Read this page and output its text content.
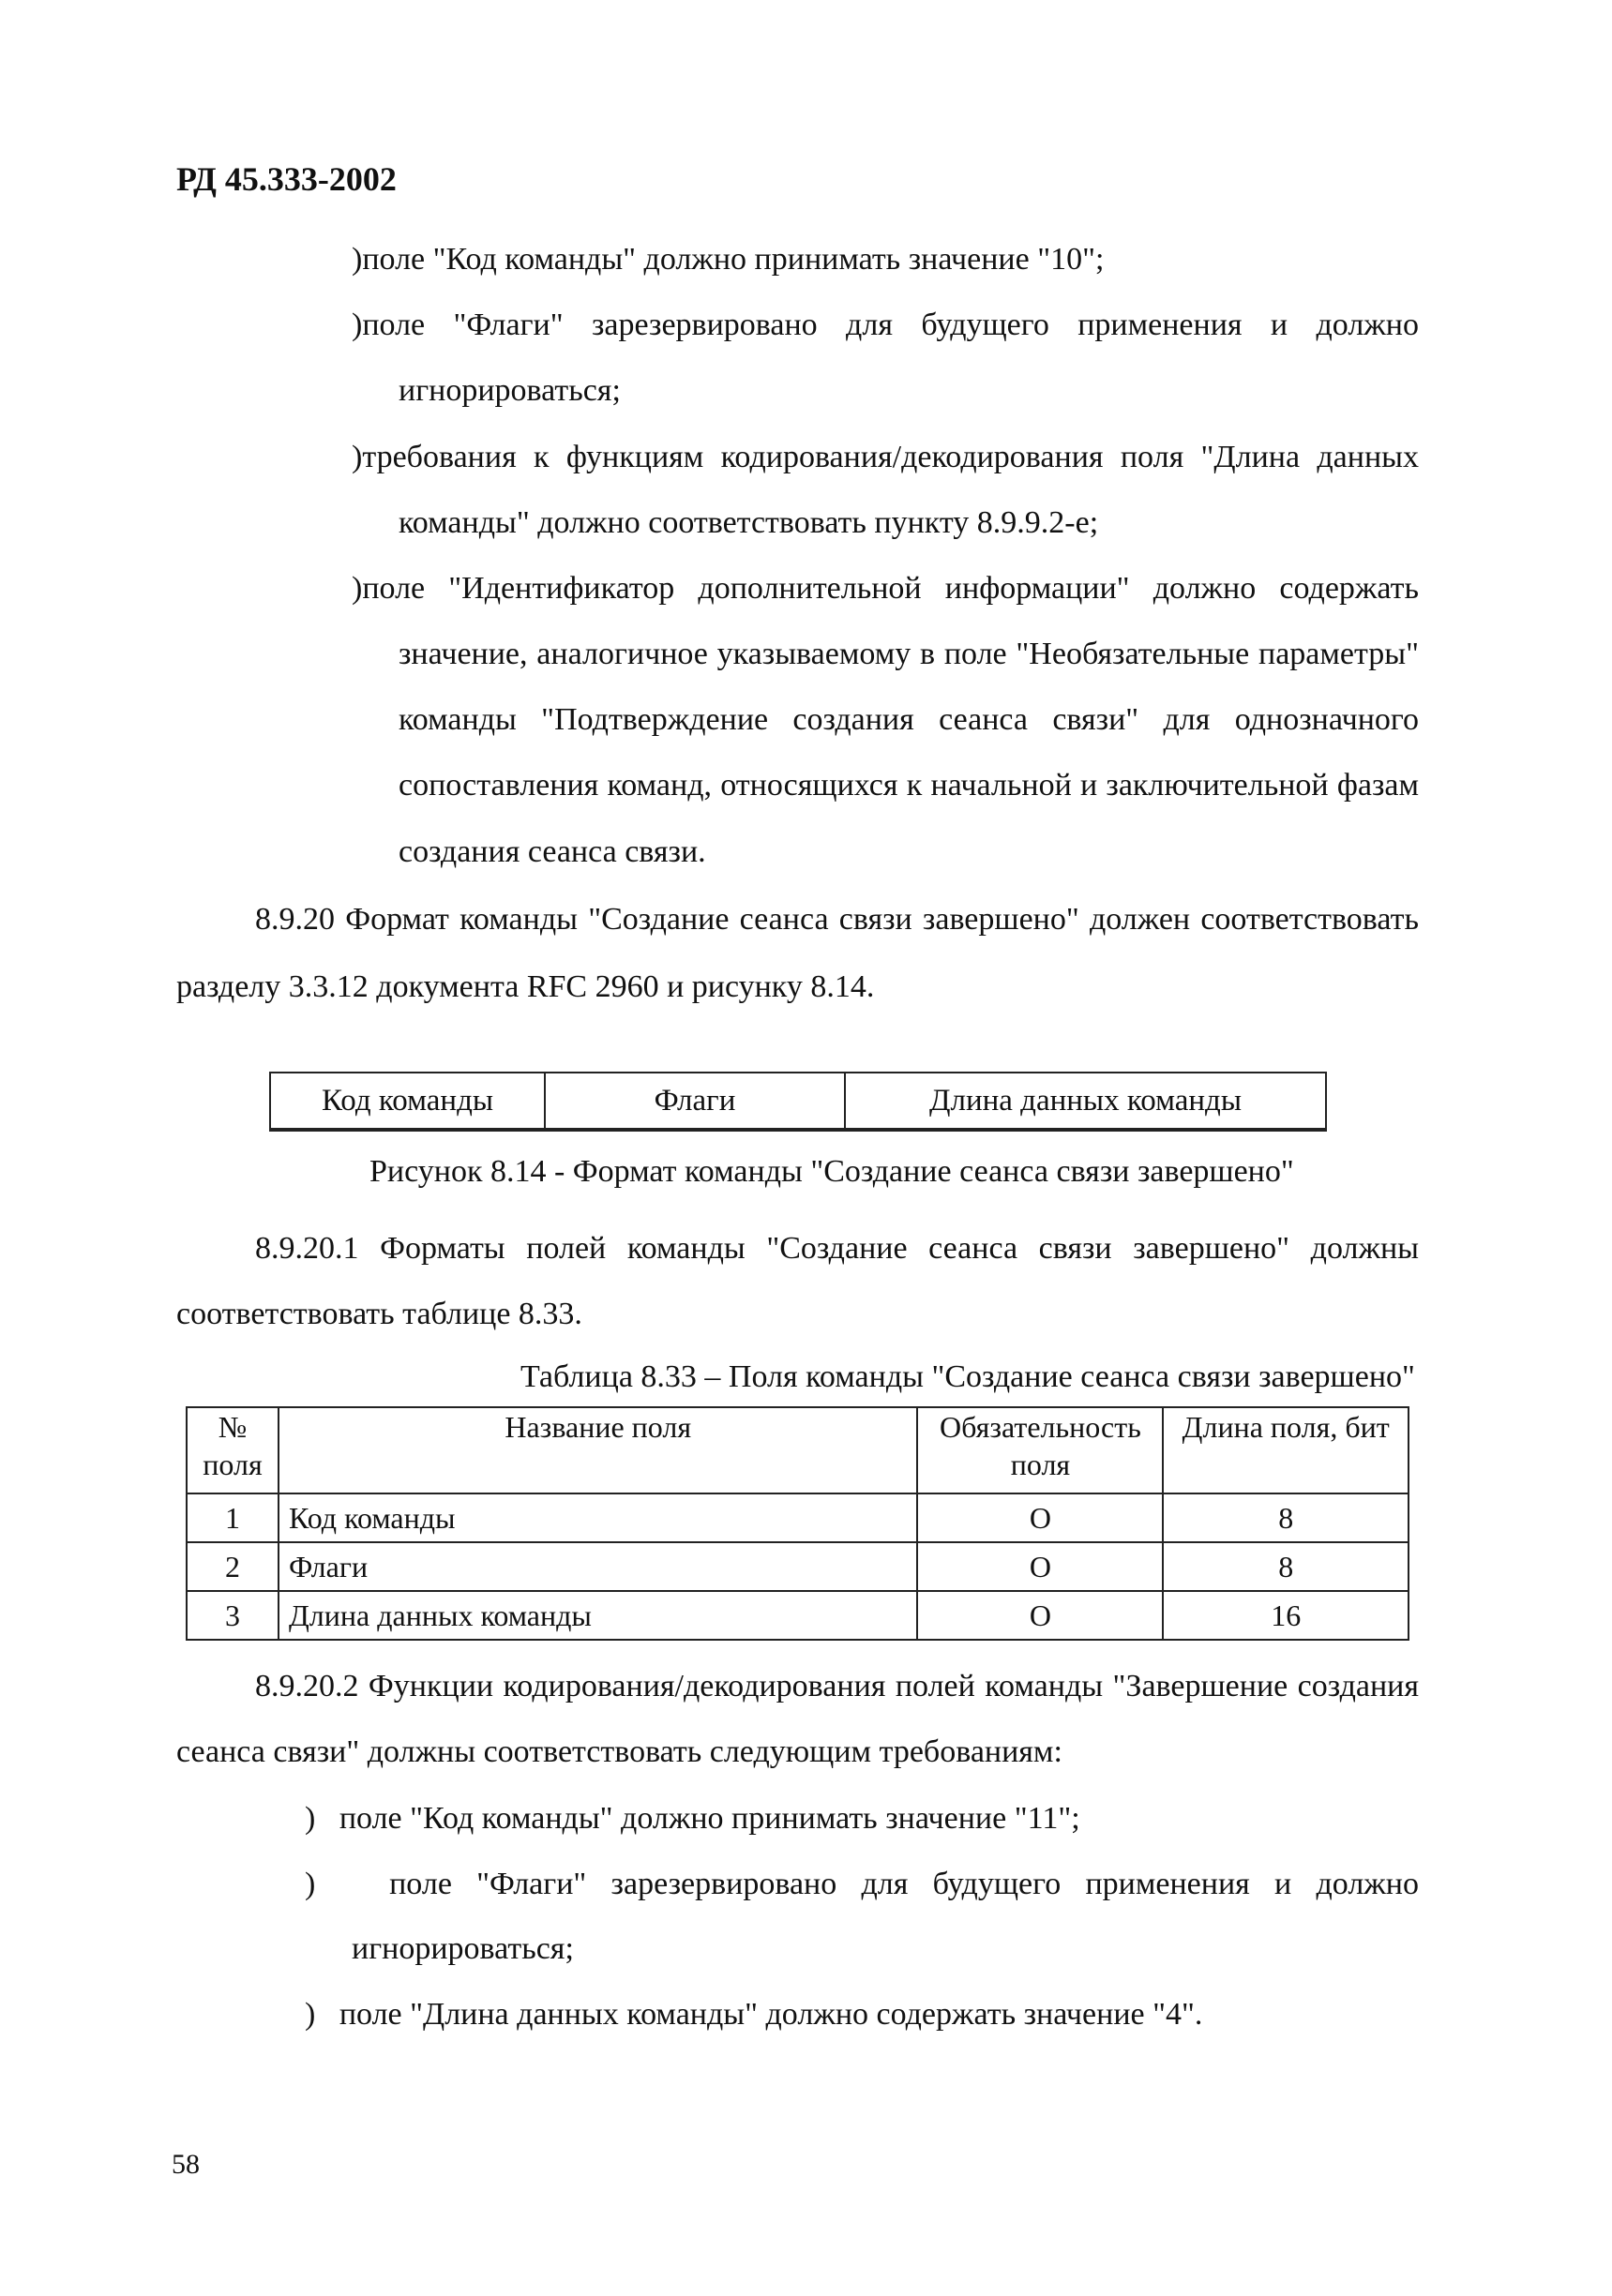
РД 45.333-2002
)поле "Код команды" должно принимать значение "10";
)поле "Флаги" зарезервировано для будущего применения и должно
игнорироваться;
)требования к функциям кодирования/декодирования поля "Длина данных
команды" должно соответствовать пункту 8.9.9.2-е;
)поле "Идентификатор дополнительной информации" должно содержать
значение, аналогичное указываемому в поле "Необязательные параметры"
команды "Подтверждение создания сеанса связи" для однозначного
сопоставления команд, относящихся к начальной и заключительной фазам
создания сеанса связи.
8.9.20 Формат команды "Создание сеанса связи завершено" должен соответствовать
разделу 3.3.12 документа RFC 2960 и рисунку 8.14.
Код команды	Флаги	Длина данных команды
Рисунок 8.14 - Формат команды "Создание сеанса связи завершено"
8.9.20.1 Форматы полей команды "Создание сеанса связи завершено" должны
соответствовать таблице 8.33.
Таблица 8.33 – Поля команды "Создание сеанса связи завершено"
№ поля	Название поля	Обязательность поля	Длина поля, бит
1	Код команды	О	8
2	Флаги	О	8
3	Длина данных команды	О	16
8.9.20.2 Функции кодирования/декодирования полей команды "Завершение создания
сеанса связи" должны соответствовать следующим требованиям:
)   поле "Код команды" должно принимать значение "11";
)   поле "Флаги" зарезервировано для будущего применения и должно
игнорироваться;
)   поле "Длина данных команды" должно содержать значение "4".
58
